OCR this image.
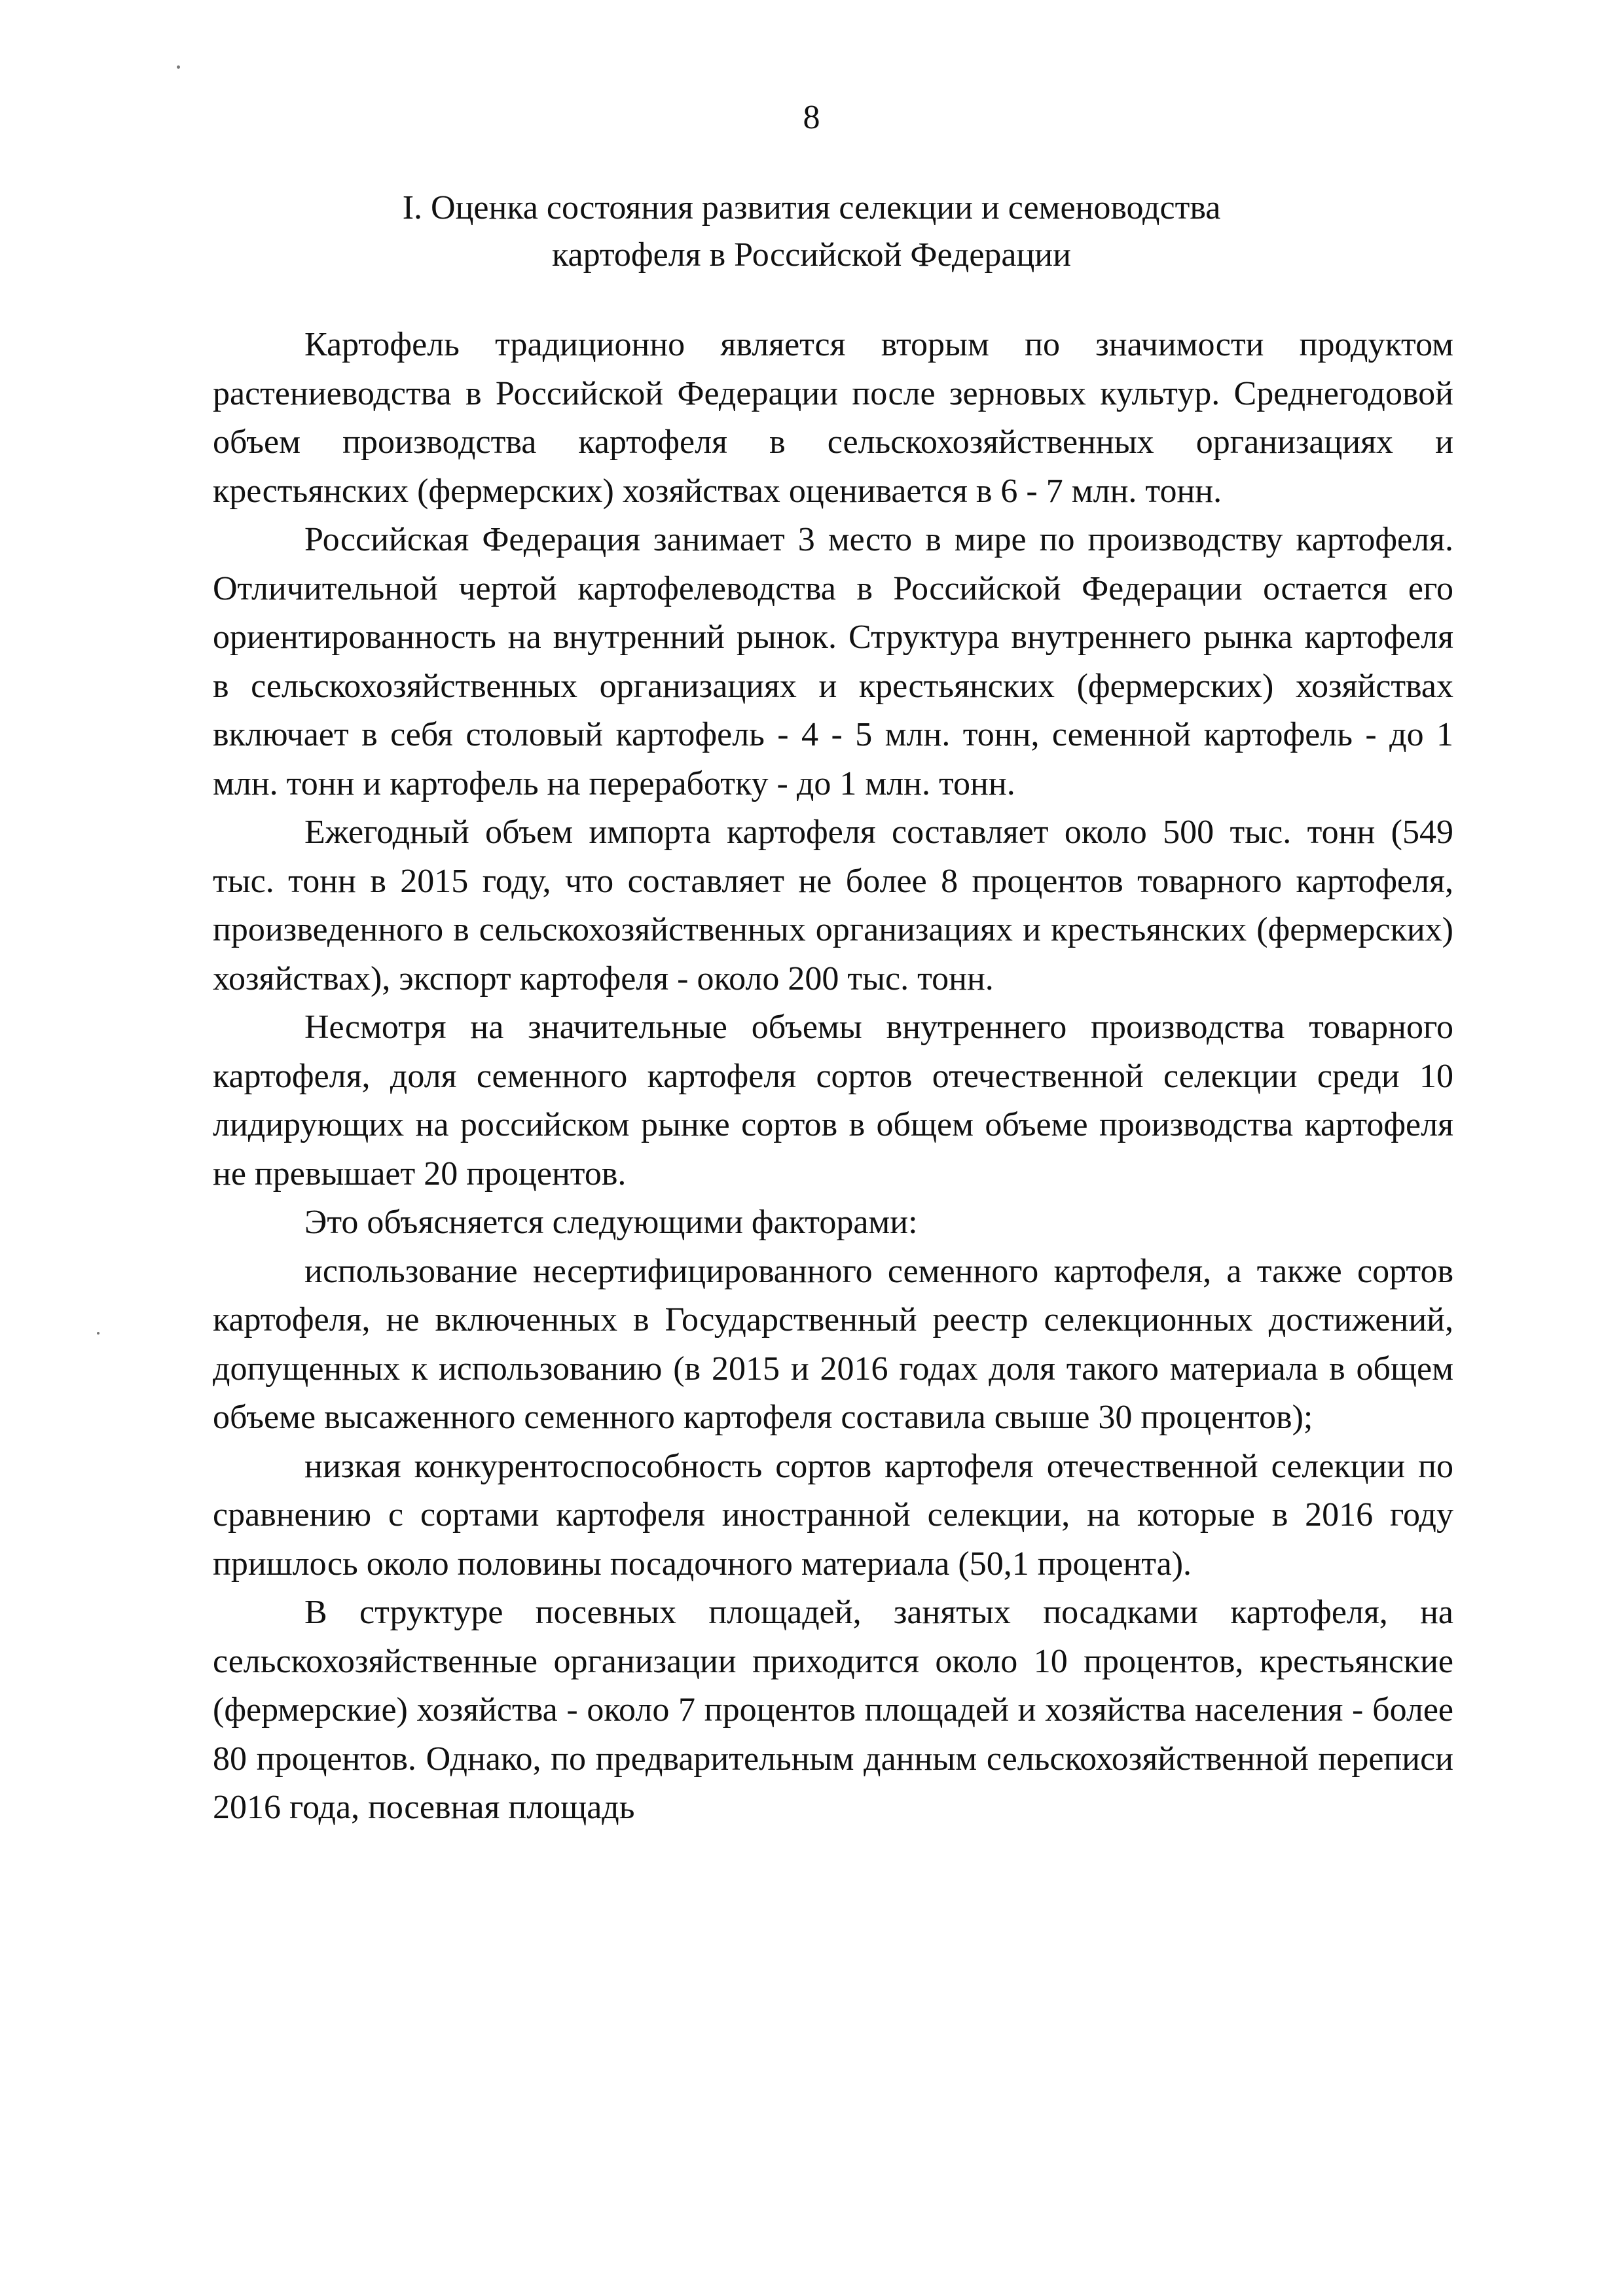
8
I. Оценка состояния развития селекции и семеноводства
картофеля в Российской Федерации

Картофель традиционно является вторым по значимости продуктом растениеводства в Российской Федерации после зерновых культур. Среднегодовой объем производства картофеля в сельскохозяйственных организациях и крестьянских (фермерских) хозяйствах оценивается в 6 - 7 млн. тонн.

Российская Федерация занимает 3 место в мире по производству картофеля. Отличительной чертой картофелеводства в Российской Федерации остается его ориентированность на внутренний рынок. Структура внутреннего рынка картофеля в сельскохозяйственных организациях и крестьянских (фермерских) хозяйствах включает в себя столовый картофель - 4 - 5 млн. тонн, семенной картофель - до 1 млн. тонн и картофель на переработку - до 1 млн. тонн.

Ежегодный объем импорта картофеля составляет около 500 тыс. тонн (549 тыс. тонн в 2015 году, что составляет не более 8 процентов товарного картофеля, произведенного в сельскохозяйственных организациях и крестьянских (фермерских) хозяйствах), экспорт картофеля - около 200 тыс. тонн.

Несмотря на значительные объемы внутреннего производства товарного картофеля, доля семенного картофеля сортов отечественной селекции среди 10 лидирующих на российском рынке сортов в общем объеме производства картофеля не превышает 20 процентов.

Это объясняется следующими факторами:

использование несертифицированного семенного картофеля, а также сортов картофеля, не включенных в Государственный реестр селекционных достижений, допущенных к использованию (в 2015 и 2016 годах доля такого материала в общем объеме высаженного семенного картофеля составила свыше 30 процентов);

низкая конкурентоспособность сортов картофеля отечественной селекции по сравнению с сортами картофеля иностранной селекции, на которые в 2016 году пришлось около половины посадочного материала (50,1 процента).

В структуре посевных площадей, занятых посадками картофеля, на сельскохозяйственные организации приходится около 10 процентов, крестьянские (фермерские) хозяйства - около 7 процентов площадей и хозяйства населения - более 80 процентов. Однако, по предварительным данным сельскохозяйственной переписи 2016 года, посевная площадь
